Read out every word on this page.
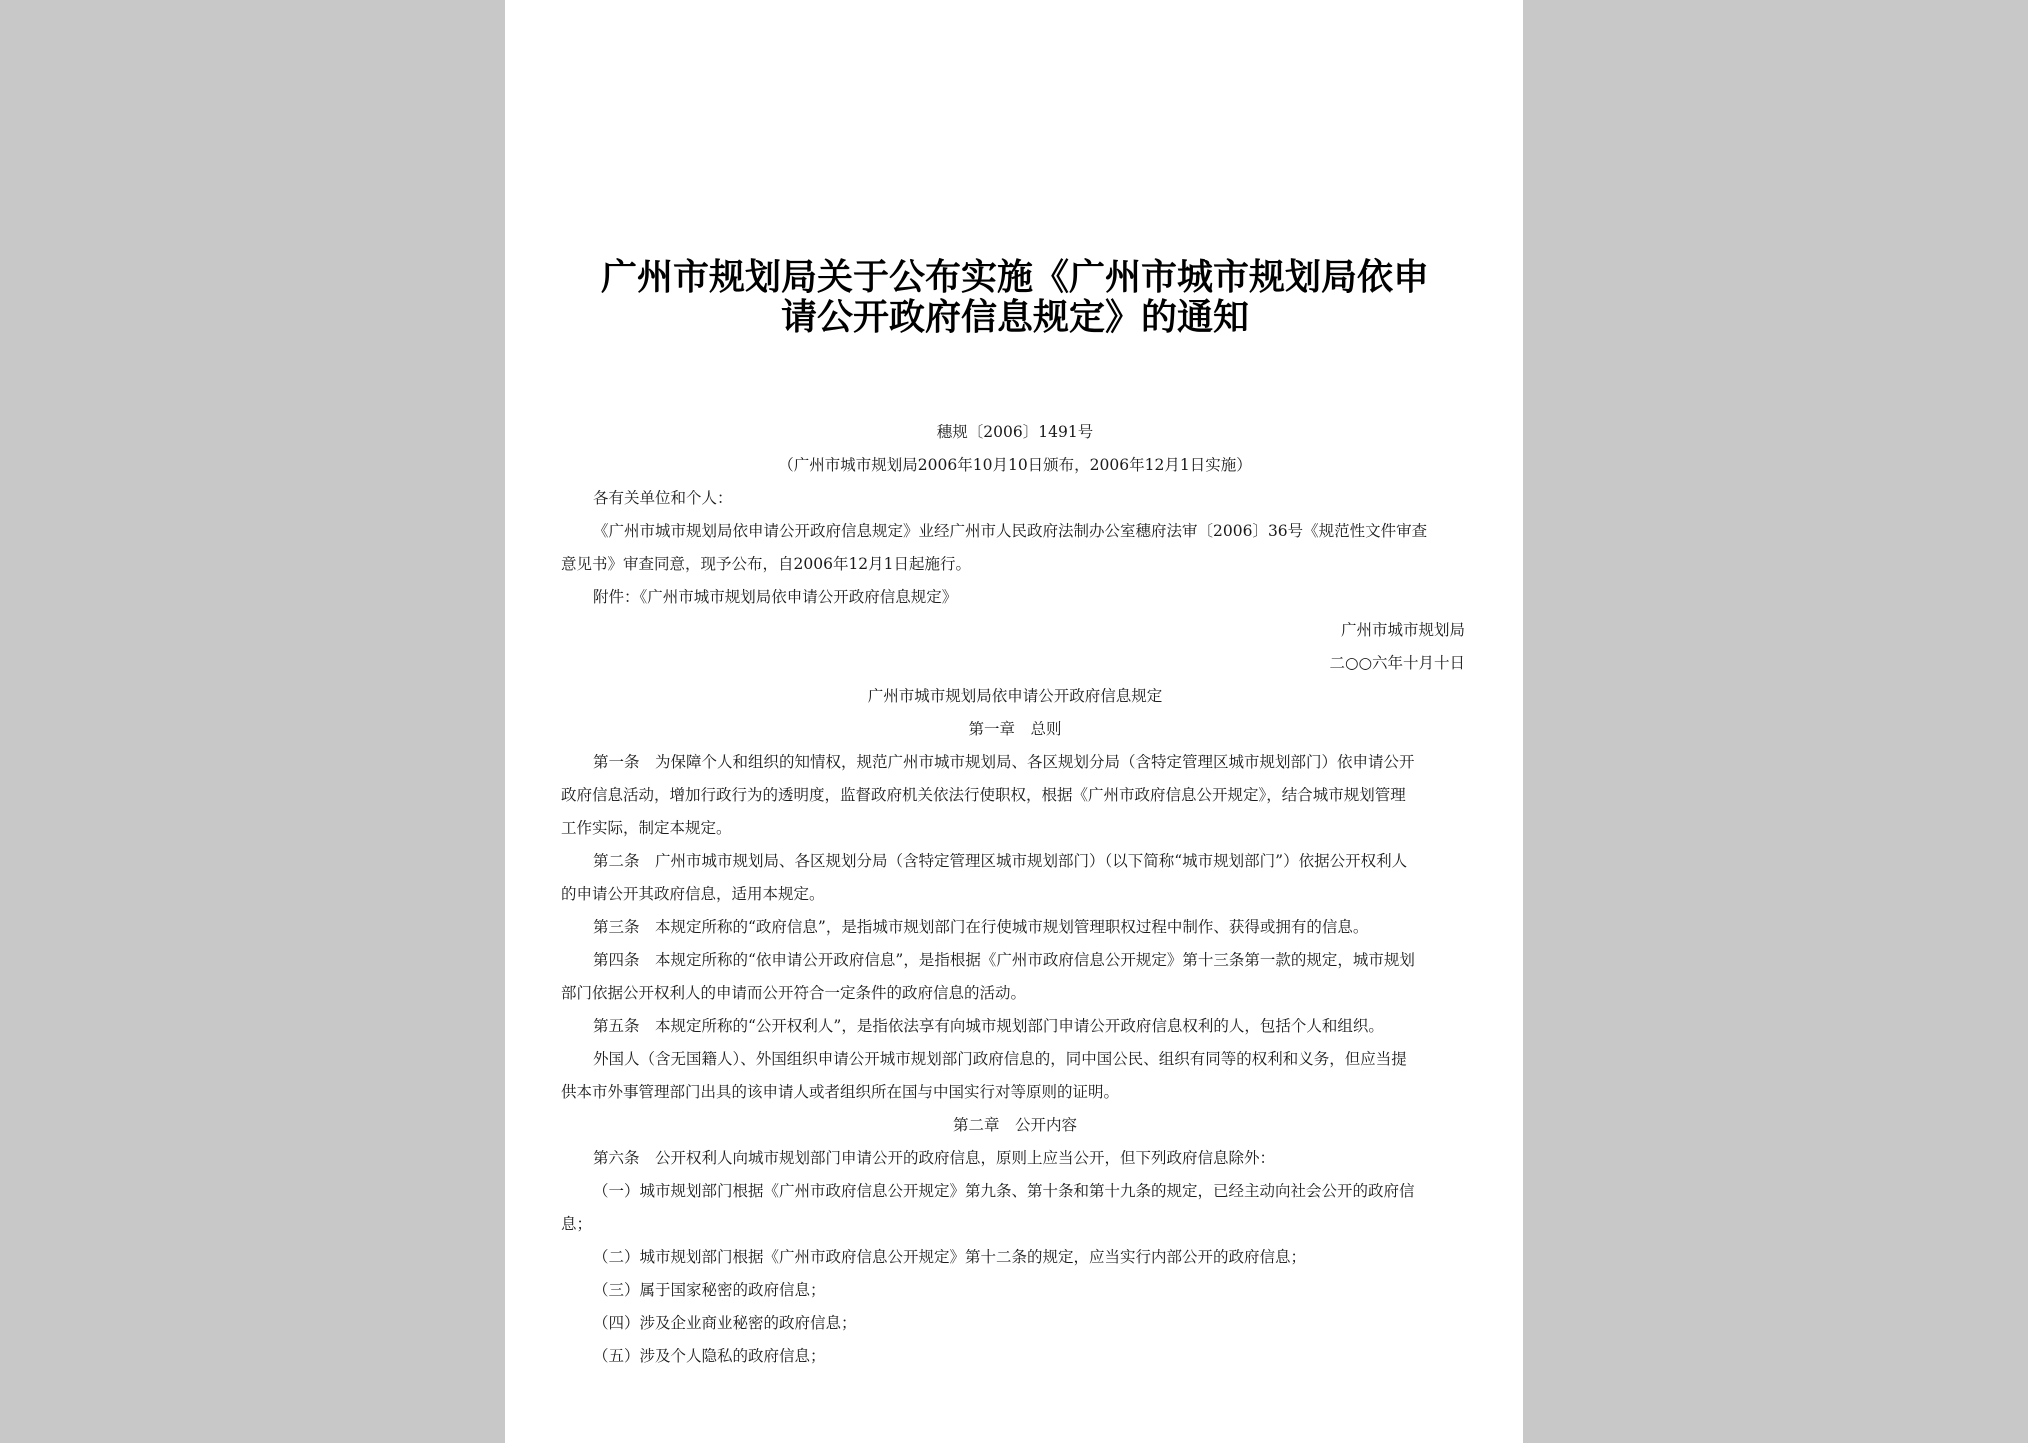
广州市规划局关于公布实施《广州市城市规划局依申
请公开政府信息规定》的通知
穗规〔2006〕1491号
（广州市城市规划局2006年10月10日颁布，2006年12月1日实施）
各有关单位和个人：
《广州市城市规划局依申请公开政府信息规定》业经广州市人民政府法制办公室穗府法审〔2006〕36号《规范性文件审查
意见书》审查同意，现予公布，自2006年12月1日起施行。
附件：《广州市城市规划局依申请公开政府信息规定》
广州市城市规划局
二○○六年十月十日
广州市城市规划局依申请公开政府信息规定
第一章　总则
第一条　为保障个人和组织的知情权，规范广州市城市规划局、各区规划分局（含特定管理区城市规划部门）依申请公开
政府信息活动，增加行政行为的透明度，监督政府机关依法行使职权，根据《广州市政府信息公开规定》，结合城市规划管理
工作实际，制定本规定。
第二条　广州市城市规划局、各区规划分局（含特定管理区城市规划部门）（以下简称“城市规划部门”）依据公开权利人
的申请公开其政府信息，适用本规定。
第三条　本规定所称的“政府信息”，是指城市规划部门在行使城市规划管理职权过程中制作、获得或拥有的信息。
第四条　本规定所称的“依申请公开政府信息”，是指根据《广州市政府信息公开规定》第十三条第一款的规定，城市规划
部门依据公开权利人的申请而公开符合一定条件的政府信息的活动。
第五条　本规定所称的“公开权利人”，是指依法享有向城市规划部门申请公开政府信息权利的人，包括个人和组织。
外国人（含无国籍人）、外国组织申请公开城市规划部门政府信息的，同中国公民、组织有同等的权利和义务，但应当提
供本市外事管理部门出具的该申请人或者组织所在国与中国实行对等原则的证明。
第二章　公开内容
第六条　公开权利人向城市规划部门申请公开的政府信息，原则上应当公开，但下列政府信息除外：
（一）城市规划部门根据《广州市政府信息公开规定》第九条、第十条和第十九条的规定，已经主动向社会公开的政府信
息；
（二）城市规划部门根据《广州市政府信息公开规定》第十二条的规定，应当实行内部公开的政府信息；
（三）属于国家秘密的政府信息；
（四）涉及企业商业秘密的政府信息；
（五）涉及个人隐私的政府信息；
